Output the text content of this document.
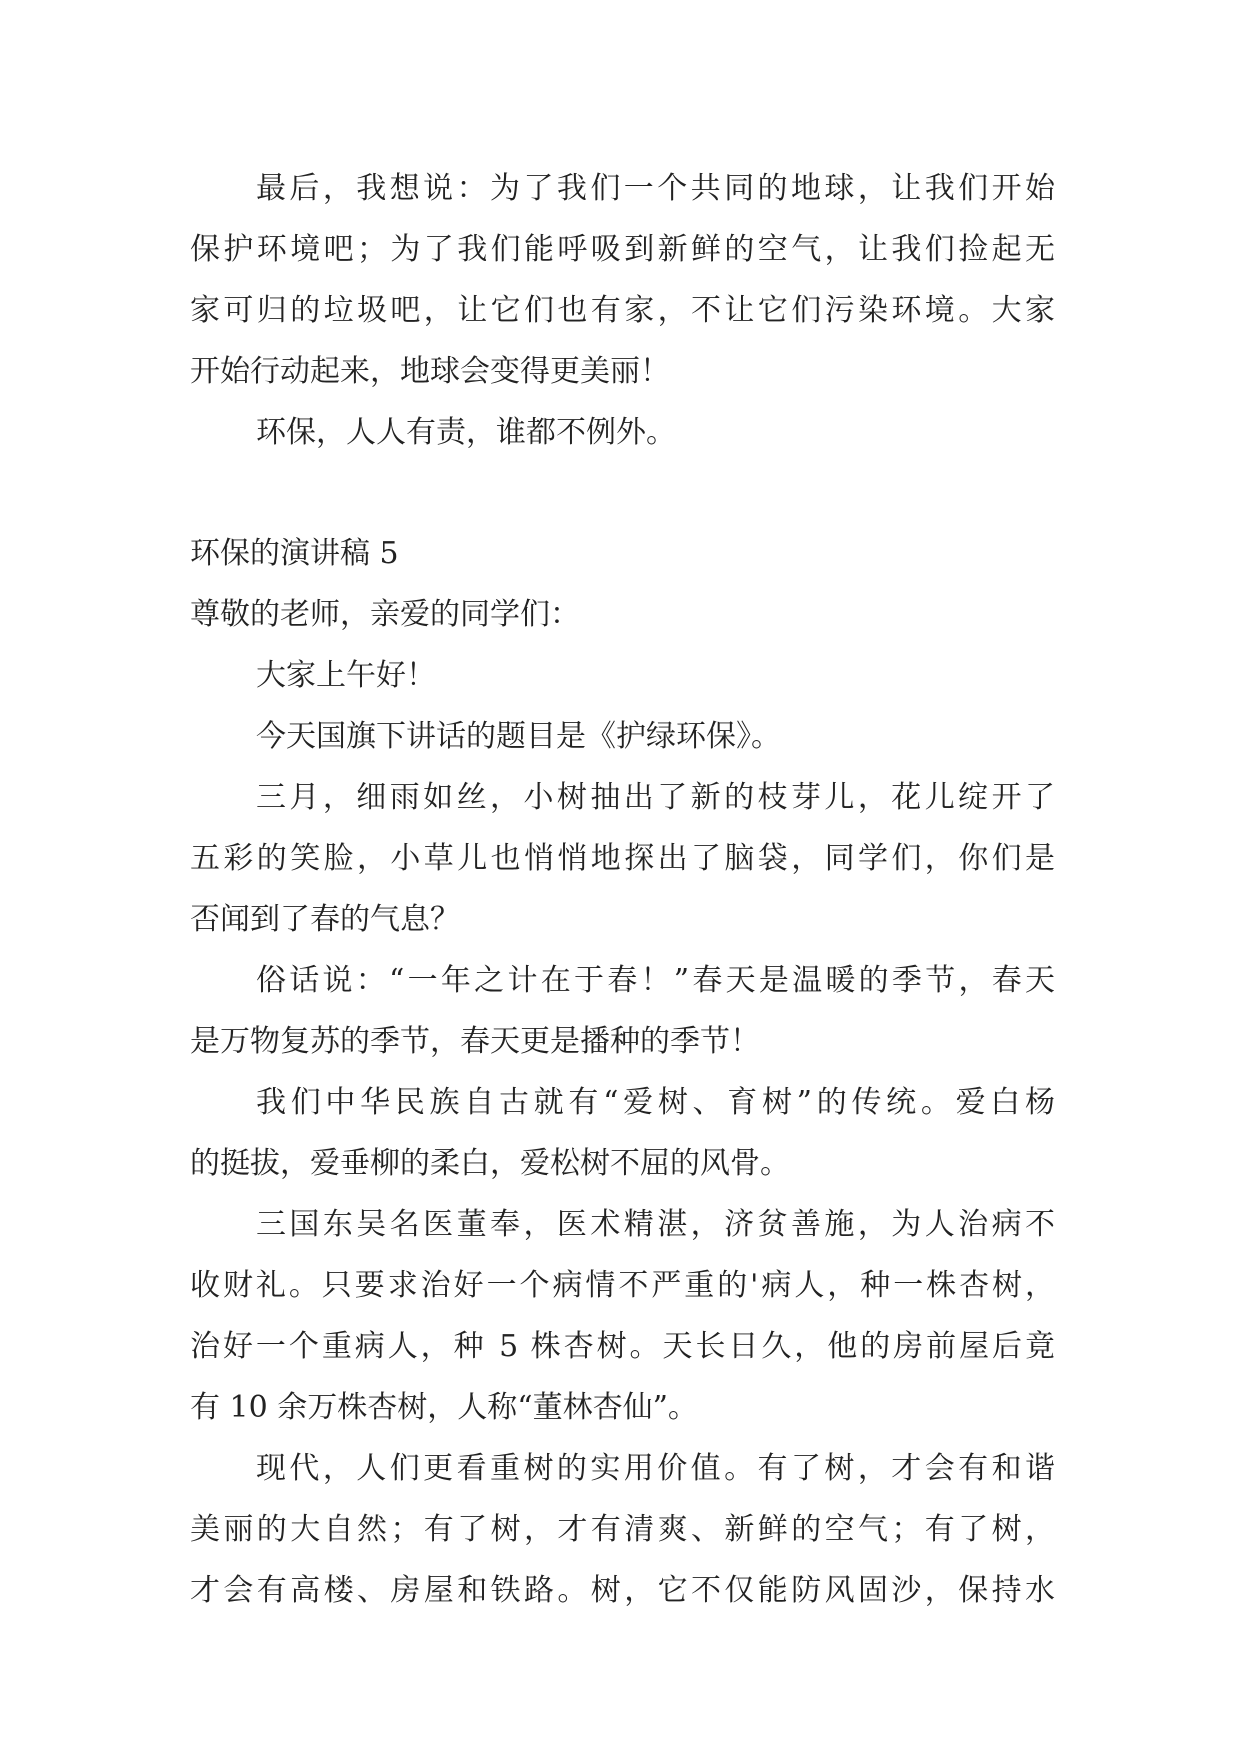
最后，我想说：为了我们一个共同的地球，让我们开始
保护环境吧；为了我们能呼吸到新鲜的空气，让我们捡起无
家可归的垃圾吧，让它们也有家，不让它们污染环境。大家
开始行动起来，地球会变得更美丽！
环保，人人有责，谁都不例外。
环保的演讲稿 5
尊敬的老师，亲爱的同学们：
大家上午好！
今天国旗下讲话的题目是《护绿环保》。
三月，细雨如丝，小树抽出了新的枝芽儿，花儿绽开了
五彩的笑脸，小草儿也悄悄地探出了脑袋，同学们，你们是
否闻到了春的气息？
俗话说：“一年之计在于春！”春天是温暖的季节，春天
是万物复苏的季节，春天更是播种的季节！
我们中华民族自古就有“爱树、育树”的传统。爱白杨
的挺拔，爱垂柳的柔白，爱松树不屈的风骨。
三国东吴名医董奉，医术精湛，济贫善施，为人治病不
收财礼。只要求治好一个病情不严重的'病人，种一株杏树，
治好一个重病人，种 5 株杏树。天长日久，他的房前屋后竟
有 10 余万株杏树，人称“董林杏仙”。
现代，人们更看重树的实用价值。有了树，才会有和谐
美丽的大自然；有了树，才有清爽、新鲜的空气；有了树，
才会有高楼、房屋和铁路。树，它不仅能防风固沙，保持水
